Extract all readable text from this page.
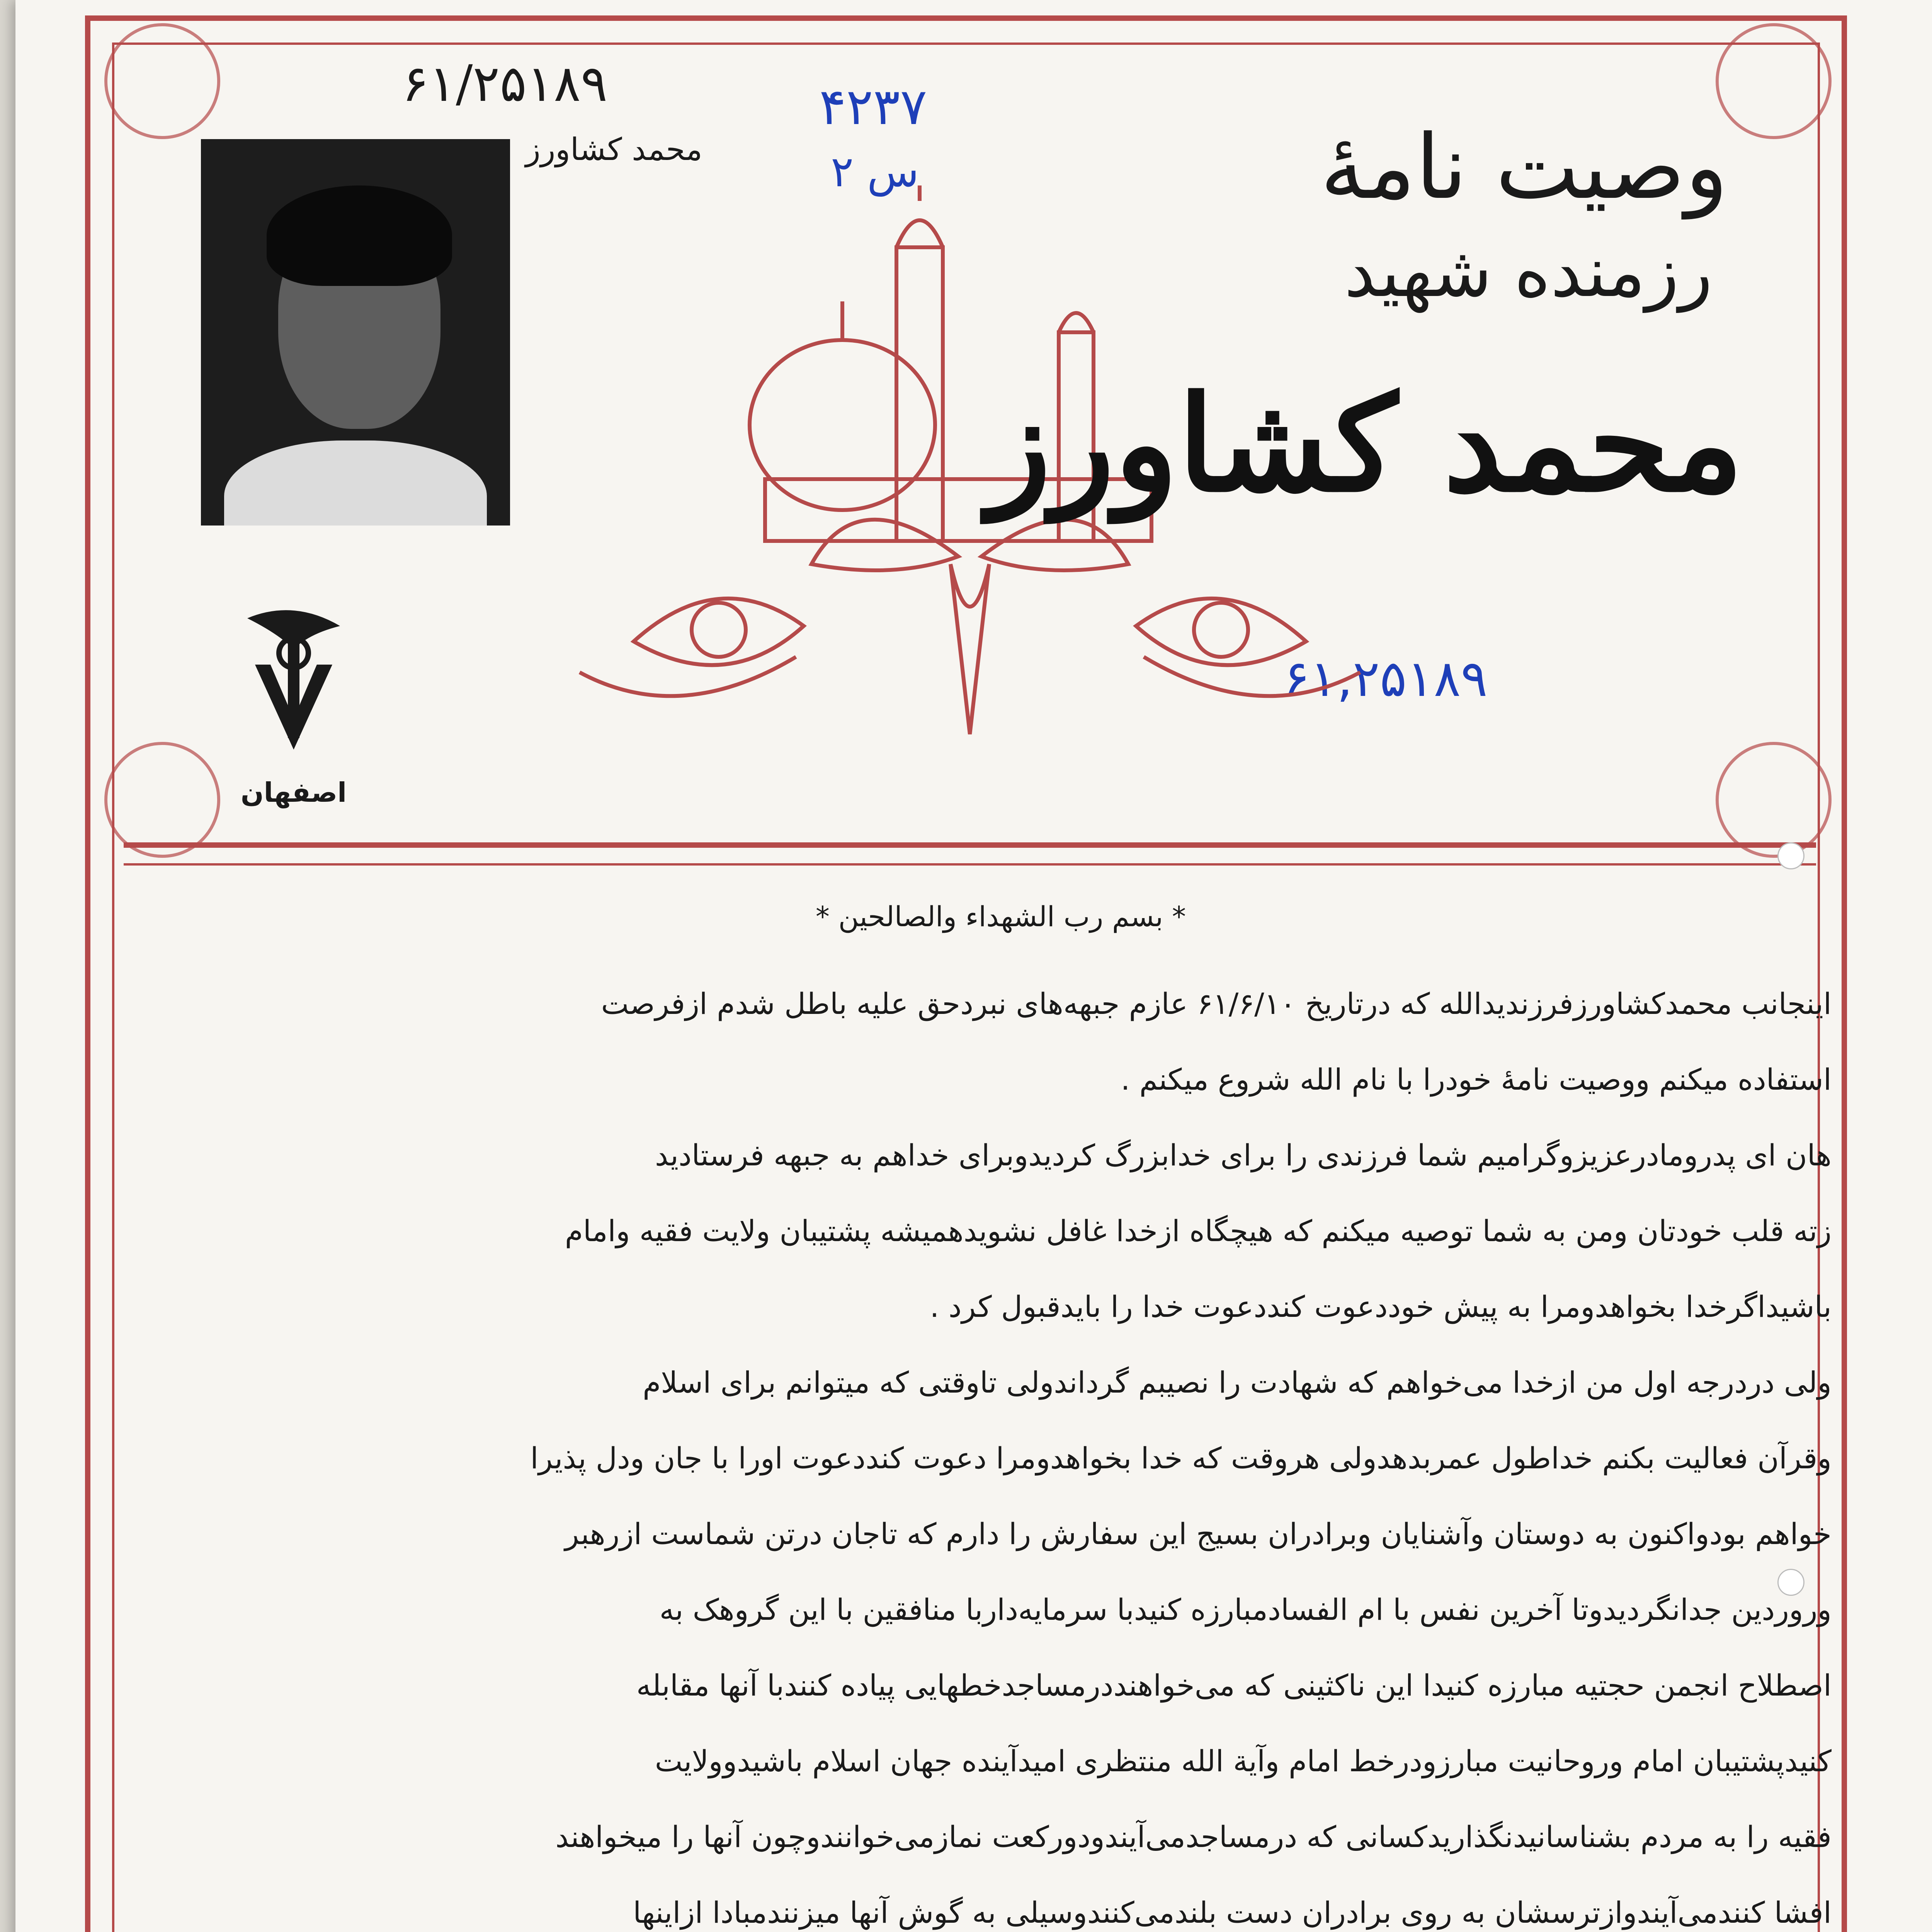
۶۱/۲۵۱۸۹
محمد کشاورز
۴۲۳۷
س ۲
۶۱,۲۵۱۸۹
اصفهان
وصیت نامهٔ
رزمنده شهید
محمد کشاورز
* بسم رب الشهداء والصالحین *
اینجانب محمدکشاورزفرزندیدالله که درتاریخ ۶۱/۶/۱۰ عازم جبهه‌های نبردحق علیه باطل شدم ازفرصت
استفاده میکنم ووصیت نامهٔ خودرا با نام الله شروع میکنم .
هان ای پدرومادرعزیزوگرامیم شما فرزندی را برای خدابزرگ کردیدوبرای خداهم به جبهه فرستادید
زته قلب خودتان ومن به شما توصیه میکنم که هیچگاه ازخدا غافل نشویدهمیشه پشتیبان ولایت فقیه وامام
باشیداگرخدا بخواهدومرا به پیش خوددعوت کنددعوت خدا را بایدقبول کرد .
ولی دردرجه اول من ازخدا می‌خواهم که شهادت را نصیبم گرداندولی تاوقتی که میتوانم برای اسلام
وقرآن فعالیت بکنم خداطول عمربدهدولی هروقت که خدا بخواهدومرا دعوت کنددعوت اورا با جان ودل پذیرا
خواهم بودواکنون به دوستان وآشنایان وبرادران بسیج این سفارش را دارم که تاجان درتن شماست ازرهبر
وروردین جدانگردیدوتا آخرین نفس با ام الفسادمبارزه کنیدبا سرمایه‌داربا منافقین با این گروهک به
اصطلاح انجمن حجتیه مبارزه کنیدا این ناکثینی که می‌خواهنددرمساجدخطهایی پیاده کنندبا آنها مقابله
کنیدپشتیبان امام وروحانیت مبارزودرخط امام وآیة الله منتظری امیدآینده جهان اسلام باشیدوولایت
فقیه را به مردم بشناسانیدنگذاریدکسانی که درمساجدمی‌آیندودورکعت نمازمی‌خوانندوچون آنها را میخواهند
افشا کنندمی‌آیندوازترسشان به روی برادران دست بلندمی‌کنندوسیلی به گوش آنها میزنندمبادا ازاینها
